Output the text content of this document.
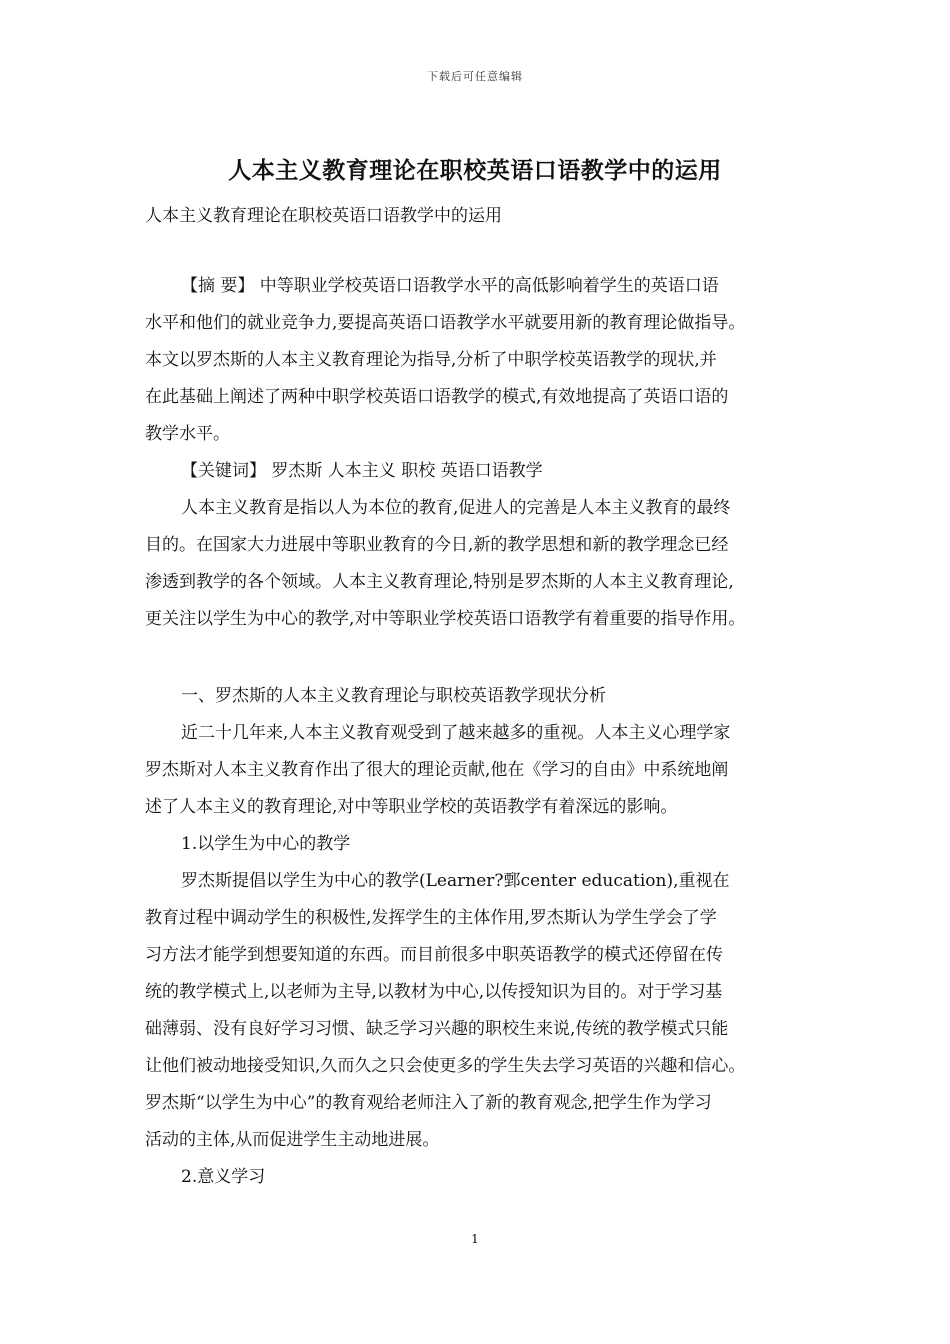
下载后可任意编辑
人本主义教育理论在职校英语口语教学中的运用
人本主义教育理论在职校英语口语教学中的运用
【摘 要】 中等职业学校英语口语教学水平的高低影响着学生的英语口语
水平和他们的就业竞争力,要提高英语口语教学水平就要用新的教育理论做指导。
本文以罗杰斯的人本主义教育理论为指导,分析了中职学校英语教学的现状,并
在此基础上阐述了两种中职学校英语口语教学的模式,有效地提高了英语口语的
教学水平。
【关键词】 罗杰斯 人本主义 职校 英语口语教学
人本主义教育是指以人为本位的教育,促进人的完善是人本主义教育的最终
目的。在国家大力进展中等职业教育的今日,新的教学思想和新的教学理念已经
渗透到教学的各个领域。人本主义教育理论,特别是罗杰斯的人本主义教育理论,
更关注以学生为中心的教学,对中等职业学校英语口语教学有着重要的指导作用。
一、罗杰斯的人本主义教育理论与职校英语教学现状分析
近二十几年来,人本主义教育观受到了越来越多的重视。人本主义心理学家
罗杰斯对人本主义教育作出了很大的理论贡献,他在《学习的自由》中系统地阐
述了人本主义的教育理论,对中等职业学校的英语教学有着深远的影响。
1.以学生为中心的教学
罗杰斯提倡以学生为中心的教学(Learner?鄄center education),重视在
教育过程中调动学生的积极性,发挥学生的主体作用,罗杰斯认为学生学会了学
习方法才能学到想要知道的东西。而目前很多中职英语教学的模式还停留在传
统的教学模式上,以老师为主导,以教材为中心,以传授知识为目的。对于学习基
础薄弱、没有良好学习习惯、缺乏学习兴趣的职校生来说,传统的教学模式只能
让他们被动地接受知识,久而久之只会使更多的学生失去学习英语的兴趣和信心。
罗杰斯“以学生为中心”的教育观给老师注入了新的教育观念,把学生作为学习
活动的主体,从而促进学生主动地进展。
2.意义学习
1
